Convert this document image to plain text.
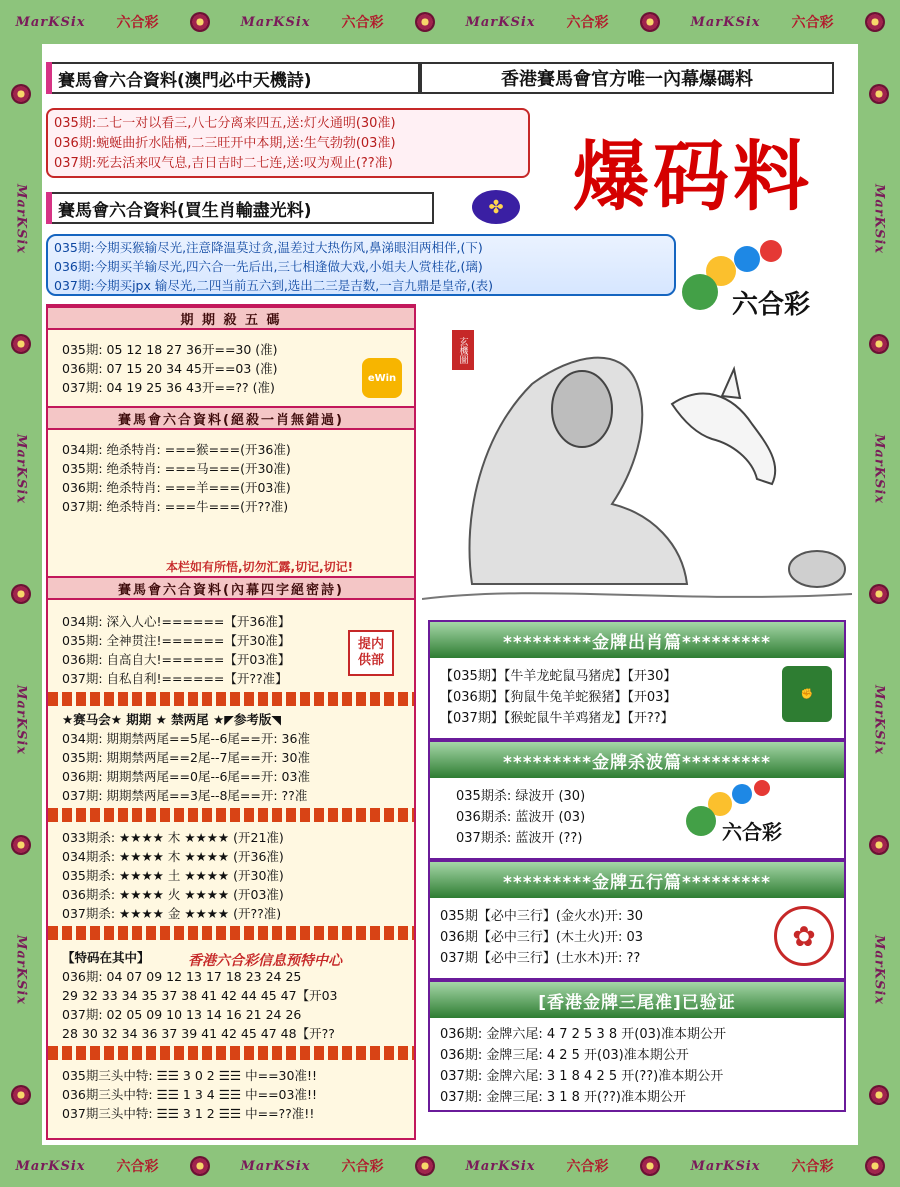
MarKSix 六合彩	MarKSix 六合彩	MarKSix 六合彩	MarKSix 六合彩
MarKSix 六合彩	MarKSix 六合彩	MarKSix 六合彩	MarKSix 六合彩
MarKSix
MarKSix
MarKSix
MarKSix
MarKSix
MarKSix
MarKSix
MarKSix
賽馬會六合資料(澳門必中天機詩)	香港賽馬會官方唯一內幕爆碼料
035期:二七一对以看三,八七分离来四五,送:灯火通明(30准)
036期:蜿蜒曲折水陆栖,二三旺开中本期,送:生气勃勃(03准)
037期:死去活来叹气息,吉日吉时二七连,送:叹为观止(??准)	爆码料
賽馬會六合資料(買生肖輸盡光料)	✤
035期:今期买猴输尽光,注意降温莫过贪,温差过大热伤风,鼻涕眼泪两相伴,(下)
036期:今期买羊输尽光,四六合一先后出,三七相逢做大戏,小姐夫人赏桂花,(璃)
037期:今期买jpx 输尽光,二四当前五六到,选出二三是吉数,一言九鼎是皇帝,(表)
六合彩
期 期 殺 五 碼
035期: 05 12 18 27 36开==30 (准)
036期: 07 15 20 34 45开==03 (准)
037期: 04 19 25 36 43开==?? (准)
eWin
賽馬會六合資料(絕殺一肖無錯過)
034期: 绝杀特肖: ===猴===(开36准)
035期: 绝杀特肖: ===马===(开30准)
036期: 绝杀特肖: ===羊===(开03准)
037期: 绝杀特肖: ===牛===(开??准)
本栏如有所悟,切勿汇露,切记,切记!
賽馬會六合資料(內幕四字絕密詩)
034期: 深入人心!======【开36准】
035期: 全神贯注!======【开30准】
036期: 自高自大!======【开03准】
037期: 自私自利!======【开??准】
提内 供部
★赛马会★ 期期 ★ 禁两尾 ★◤参考版◥
034期: 期期禁两尾==5尾--6尾==开: 36准
035期: 期期禁两尾==2尾--7尾==开: 30准
036期: 期期禁两尾==0尾--6尾==开: 03准
037期: 期期禁两尾==3尾--8尾==开: ??准
033期杀: ★★★★ 木 ★★★★ (开21准)
034期杀: ★★★★ 木 ★★★★ (开36准)
035期杀: ★★★★ 土 ★★★★ (开30准)
036期杀: ★★★★ 火 ★★★★ (开03准)
037期杀: ★★★★ 金 ★★★★ (开??准)
【特码在其中】
036期: 04 07 09 12 13 17 18 23 24 25
29 32 33 34 35 37 38 41 42 44 45 47【开03
037期: 02 05 09 10 13 14 16 21 24 26
28 30 32 34 36 37 39 41 42 45 47 48【开??
香港六合彩信息预特中心
035期三头中特: ☰☰ 3 0 2 ☰☰ 中==30准!!
036期三头中特: ☰☰ 1 3 4 ☰☰ 中==03准!!
037期三头中特: ☰☰ 3 1 2 ☰☰ 中==??准!!
玄機圖
*********金牌出肖篇*********
【035期】【牛羊龙蛇鼠马猪虎】【开30】
【036期】【狗鼠牛兔羊蛇猴猪】【开03】
【037期】【猴蛇鼠牛羊鸡猪龙】【开??】
✊
*********金牌杀波篇*********
035期杀: 绿波开 (30)
036期杀: 蓝波开 (03)
037期杀: 蓝波开 (??)	六合彩
*********金牌五行篇*********
035期【必中三行】(金火水)开: 30
036期【必中三行】(木土火)开: 03
037期【必中三行】(土水木)开: ??
✿
[香港金牌三尾准]已验证
036期: 金牌六尾: 4 7 2 5 3 8 开(03)准本期公开
036期: 金牌三尾: 4 2 5 开(03)准本期公开
037期: 金牌六尾: 3 1 8 4 2 5 开(??)准本期公开
037期: 金牌三尾: 3 1 8 开(??)准本期公开
